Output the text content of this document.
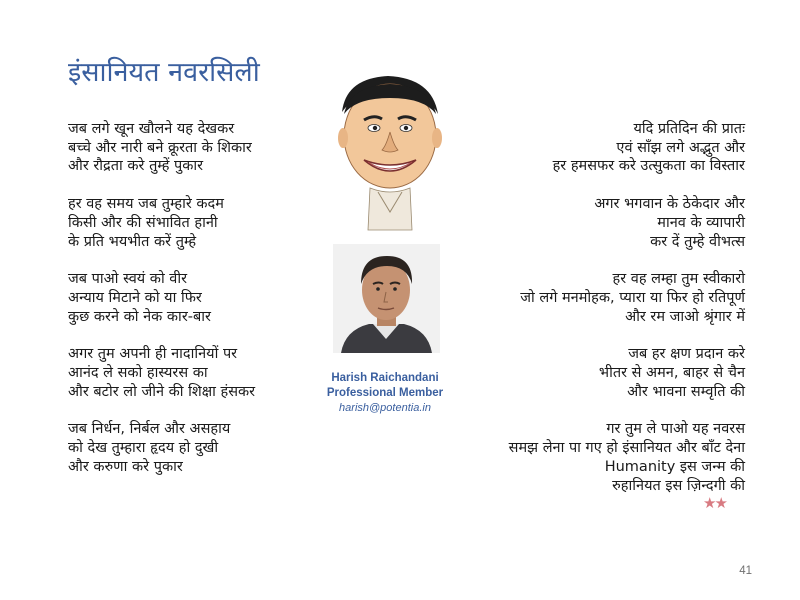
इंसानियत नवरसिली
जब लगे खून खौलने यह देखकर
बच्चे और नारी बने क्रूरता के शिकार
और रौद्रता करे तुम्हें पुकार
हर वह समय जब तुम्हारे कदम
किसी और की संभावित हानी
के प्रति भयभीत करें तुम्हे
जब पाओ स्वयं को वीर
अन्याय मिटाने को या फिर
कुछ करने को नेक कार-बार
अगर तुम अपनी ही नादानियों पर
आनंद ले सको हास्यरस का
और बटोर लो जीने की शिक्षा हंसकर
जब निर्धन, निर्बल और असहाय
को देख तुम्हारा हृदय हो दुखी
और करुणा करे पुकार
यदि प्रतिदिन की प्रातः
एवं साँझ लगे अद्भुत और
हर हमसफर करे उत्सुकता का विस्तार
अगर भगवान के ठेकेदार और
मानव के व्यापारी
कर दें तुम्हे वीभत्स
हर वह लम्हा तुम स्वीकारो
जो लगे मनमोहक, प्यारा या फिर हो रतिपूर्ण
और रम जाओ श्रृंगार में
जब हर क्षण प्रदान करे
भीतर से अमन, बाहर से चैन
और भावना सम्वृति की
गर तुम ले पाओ यह नवरस
समझ लेना पा गए हो इंसानियत और बाँट देना
Humanity इस जन्म की
रुहानियत इस ज़िन्दगी की
Harish Raichandani
Professional Member
harish@potentia.in
★★
41
